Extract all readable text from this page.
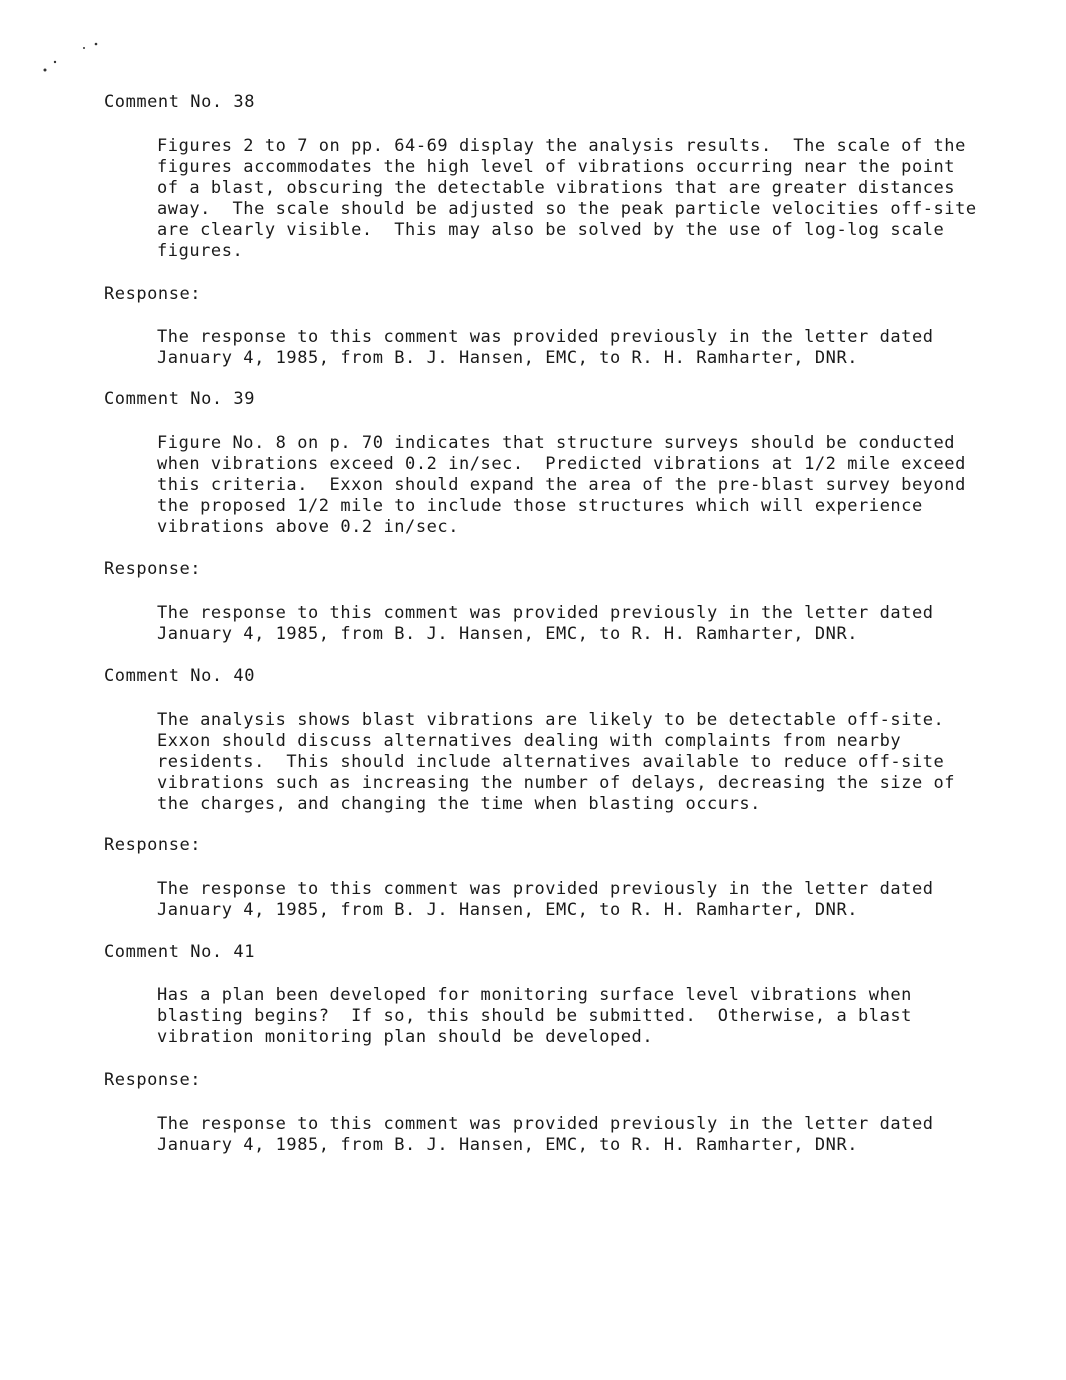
Comment No. 38
Figures 2 to 7 on pp. 64-69 display the analysis results.  The scale of the
figures accommodates the high level of vibrations occurring near the point
of a blast, obscuring the detectable vibrations that are greater distances
away.  The scale should be adjusted so the peak particle velocities off-site
are clearly visible.  This may also be solved by the use of log-log scale
figures.
Response:
The response to this comment was provided previously in the letter dated
January 4, 1985, from B. J. Hansen, EMC, to R. H. Ramharter, DNR.
Comment No. 39
Figure No. 8 on p. 70 indicates that structure surveys should be conducted
when vibrations exceed 0.2 in/sec.  Predicted vibrations at 1/2 mile exceed
this criteria.  Exxon should expand the area of the pre-blast survey beyond
the proposed 1/2 mile to include those structures which will experience
vibrations above 0.2 in/sec.
Response:
The response to this comment was provided previously in the letter dated
January 4, 1985, from B. J. Hansen, EMC, to R. H. Ramharter, DNR.
Comment No. 40
The analysis shows blast vibrations are likely to be detectable off-site.
Exxon should discuss alternatives dealing with complaints from nearby
residents.  This should include alternatives available to reduce off-site
vibrations such as increasing the number of delays, decreasing the size of
the charges, and changing the time when blasting occurs.
Response:
The response to this comment was provided previously in the letter dated
January 4, 1985, from B. J. Hansen, EMC, to R. H. Ramharter, DNR.
Comment No. 41
Has a plan been developed for monitoring surface level vibrations when
blasting begins?  If so, this should be submitted.  Otherwise, a blast
vibration monitoring plan should be developed.
Response:
The response to this comment was provided previously in the letter dated
January 4, 1985, from B. J. Hansen, EMC, to R. H. Ramharter, DNR.
